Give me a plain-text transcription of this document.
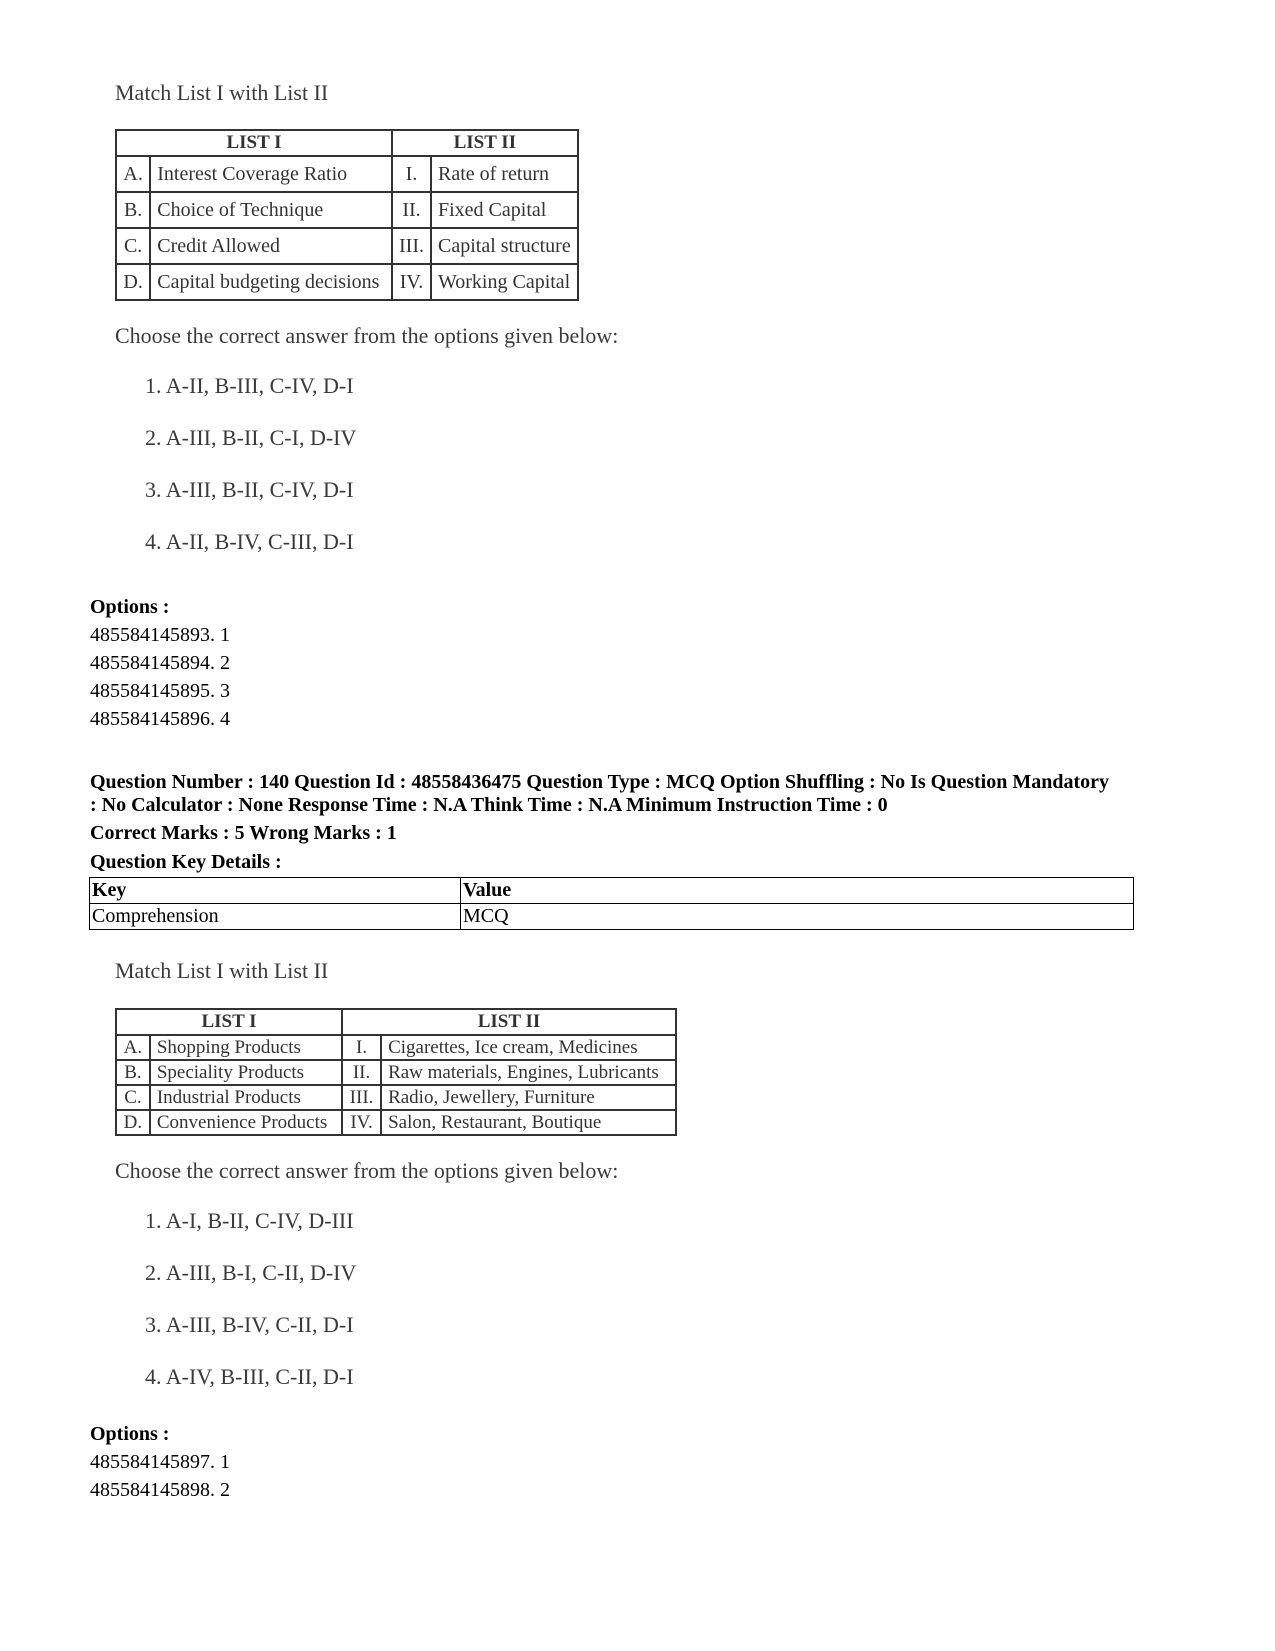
Match List I with List II
LIST I		LIST II	
A.	Interest Coverage Ratio	I.	Rate of return
B.	Choice of Technique	II.	Fixed Capital
C.	Credit Allowed	III.	Capital structure
D.	Capital budgeting decisions	IV.	Working Capital
Choose the correct answer from the options given below:
1. A-II, B-III, C-IV, D-I
2. A-III, B-II, C-I, D-IV
3. A-III, B-II, C-IV, D-I
4. A-II, B-IV, C-III, D-I
Options :
485584145893. 1
485584145894. 2
485584145895. 3
485584145896. 4
Question Number : 140 Question Id : 48558436475 Question Type : MCQ Option Shuffling : No Is Question Mandatory
: No Calculator : None Response Time : N.A Think Time : N.A Minimum Instruction Time : 0
Correct Marks : 5 Wrong Marks : 1
Question Key Details :
Key	Value
Comprehension	MCQ
Match List I with List II
LIST I		LIST II	
A.	Shopping Products	I.	Cigarettes, Ice cream, Medicines
B.	Speciality Products	II.	Raw materials, Engines, Lubricants
C.	Industrial Products	III.	Radio, Jewellery, Furniture
D.	Convenience Products	IV.	Salon, Restaurant, Boutique
Choose the correct answer from the options given below:
1. A-I, B-II, C-IV, D-III
2. A-III, B-I, C-II, D-IV
3. A-III, B-IV, C-II, D-I
4. A-IV, B-III, C-II, D-I
Options :
485584145897. 1
485584145898. 2
